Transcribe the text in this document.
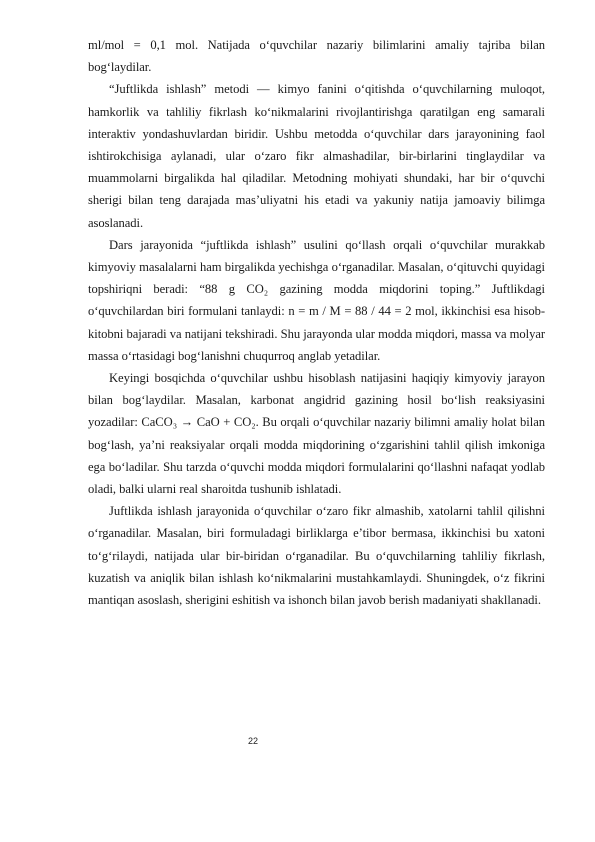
ml/mol = 0,1 mol. Natijada o‘quvchilar nazariy bilimlarini amaliy tajriba bilan bog‘laydilar.

“Juftlikda ishlash” metodi — kimyo fanini o‘qitishda o‘quvchilarning muloqot, hamkorlik va tahliliy fikrlash ko‘nikmalarini rivojlantirishga qaratilgan eng samarali interaktiv yondashuvlardan biridir. Ushbu metodda o‘quvchilar dars jarayonining faol ishtirokchisiga aylanadi, ular o‘zaro fikr almashadilar, bir-birlarini tinglaydilar va muammolarni birgalikda hal qiladilar. Metodning mohiyati shundaki, har bir o‘quvchi sherigi bilan teng darajada mas’uliyatni his etadi va yakuniy natija jamoaviy bilimga asoslanadi.

Dars jarayonida “juftlikda ishlash” usulini qo‘llash orqali o‘quvchilar murakkab kimyoviy masalalarni ham birgalikda yechishga o‘rganadilar. Masalan, o‘qituvchi quyidagi topshiriqni beradi: “88 g CO₂ gazining modda miqdorini toping.” Juftlikdagi o‘quvchilardan biri formulani tanlaydi: n = m / M = 88 / 44 = 2 mol, ikkinchisi esa hisob-kitobni bajaradi va natijani tekshiradi. Shu jarayonda ular modda miqdori, massa va molyar massa o‘rtasidagi bog‘lanishni chuqurroq anglab yetadilar.

Keyingi bosqichda o‘quvchilar ushbu hisoblash natijasini haqiqiy kimyoviy jarayon bilan bog‘laydilar. Masalan, karbonat angidrid gazining hosil bo‘lish reaksiyasini yozadilar: CaCO₃ → CaO + CO₂. Bu orqali o‘quvchilar nazariy bilimni amaliy holat bilan bog‘lash, ya’ni reaksiyalar orqali modda miqdorining o‘zgarishini tahlil qilish imkoniga ega bo‘ladilar. Shu tarzda o‘quvchi modda miqdori formulalarini qo‘llashni nafaqat yodlab oladi, balki ularni real sharoitda tushunib ishlatadi.

Juftlikda ishlash jarayonida o‘quvchilar o‘zaro fikr almashib, xatolarni tahlil qilishni o‘rganadilar. Masalan, biri formuladagi birliklarga e’tibor bermasa, ikkinchisi bu xatoni to‘g‘rilaydi, natijada ular bir-biridan o‘rganadilar. Bu o‘quvchilarning tahliliy fikrlash, kuzatish va aniqlik bilan ishlash ko‘nikmalarini mustahkamlaydi. Shuningdek, o‘z fikrini mantiqan asoslash, sherigini eshitish va ishonch bilan javob berish madaniyati shakllanadi.

22
